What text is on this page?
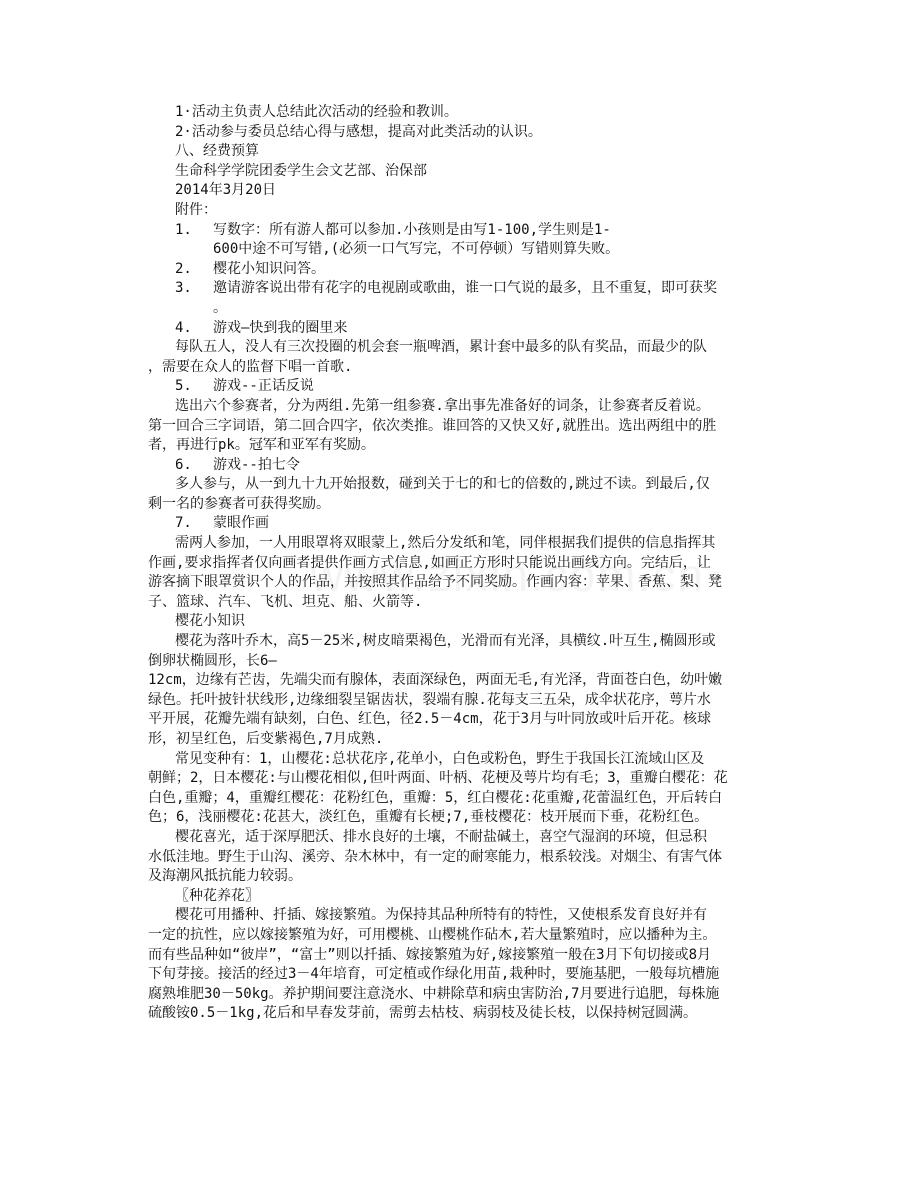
1·活动主负责人总结此次活动的经验和教训。
2·活动参与委员总结心得与感想，提高对此类活动的认识。
八、经费预算
生命科学学院团委学生会文艺部、治保部
2014年3月20日
附件：
1.	写数字：所有游人都可以参加.小孩则是由写1-100,学生则是1-
600中途不可写错,(必须一口气写完，不可停顿）写错则算失败。
2.	樱花小知识问答。
3.	邀请游客说出带有花字的电视剧或歌曲，谁一口气说的最多，且不重复，即可获奖
。
4.	游戏—快到我的圈里来
每队五人，没人有三次投圈的机会套一瓶啤酒，累计套中最多的队有奖品，而最少的队
，需要在众人的监督下唱一首歌.
5.	游戏--正话反说
选出六个参赛者，分为两组.先第一组参赛.拿出事先准备好的词条，让参赛者反着说。
第一回合三字词语，第二回合四字，依次类推。谁回答的又快又好,就胜出。选出两组中的胜
者，再进行pk。冠军和亚军有奖励。
6.	游戏--拍七令
多人参与，从一到九十九开始报数，碰到关于七的和七的倍数的,跳过不读。到最后,仅
剩一名的参赛者可获得奖励。
7.	蒙眼作画
需两人参加，一人用眼罩将双眼蒙上,然后分发纸和笔，同伴根据我们提供的信息指挥其
作画,要求指挥者仅向画者提供作画方式信息,如画正方形时只能说出画线方向。完结后，让
游客摘下眼罩赏识个人的作品，并按照其作品给予不同奖励。作画内容：苹果、香蕉、梨、凳
子、篮球、汽车、飞机、坦克、船、火箭等.
樱花小知识
樱花为落叶乔木，高5－25米,树皮暗栗褐色，光滑而有光泽，具横纹.叶互生,椭圆形或
倒卵状椭圆形，长6—
12cm，边缘有芒齿，先端尖而有腺体，表面深绿色，两面无毛,有光泽，背面苍白色，幼叶嫩
绿色。托叶披针状线形,边缘细裂呈锯齿状，裂端有腺.花每支三五朵，成伞状花序，萼片水
平开展，花瓣先端有缺刻，白色、红色，径2.5－4cm，花于3月与叶同放或叶后开花。核球
形，初呈红色，后变紫褐色,7月成熟.
常见变种有：1，山樱花:总状花序,花单小，白色或粉色，野生于我国长江流域山区及
朝鲜；2，日本樱花:与山樱花相似,但叶两面、叶柄、花梗及萼片均有毛；3，重瓣白樱花：花
白色,重瓣；4，重瓣红樱花：花粉红色，重瓣：5，红白樱花:花重瓣,花蕾温红色，开后转白
色；6，浅丽樱花:花甚大，淡红色，重瓣有长梗;7,垂枝樱花：枝开展而下垂，花粉红色。
樱花喜光，适于深厚肥沃、排水良好的土壤，不耐盐碱土，喜空气湿润的环境，但忌积
水低洼地。野生于山沟、溪旁、杂木林中，有一定的耐寒能力，根系较浅。对烟尘、有害气体
及海潮风抵抗能力较弱。
〖种花养花〗
樱花可用播种、扦插、嫁接繁殖。为保持其品种所特有的特性，又使根系发育良好并有
一定的抗性，应以嫁接繁殖为好，可用樱桃、山樱桃作砧木,若大量繁殖时，应以播种为主。
而有些品种如“彼岸”，“富士”则以扦插、嫁接繁殖为好,嫁接繁殖一般在3月下旬切接或8月
下旬芽接。接活的经过3－4年培育，可定植或作绿化用苗,栽种时，要施基肥，一般每坑槽施
腐熟堆肥30－50kg。养护期间要注意浇水、中耕除草和病虫害防治,7月要进行追肥，每株施
硫酸铵0.5－1kg,花后和早春发芽前，需剪去枯枝、病弱枝及徒长枝，以保持树冠圆满。
